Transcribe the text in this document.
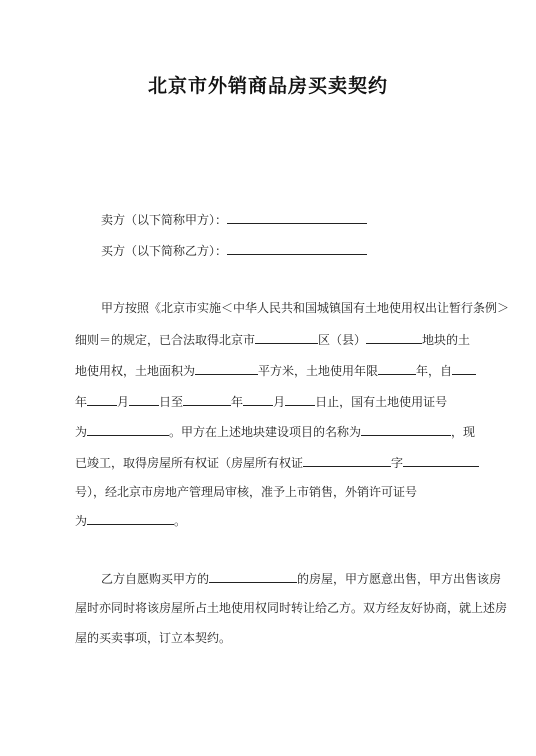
北京市外销商品房买卖契约
卖方（以下简称甲方）：
买方（以下简称乙方）：
甲方按照《北京市实施＜中华人民共和国城镇国有土地使用权出让暂行条例＞
细则＝的规定，已合法取得北京市	区（县）	地块的土
地使用权，土地面积为	平方米，土地使用年限	年，自
年	月	日至	年	月	日止，国有土地使用证号
为	。甲方在上述地块建设项目的名称为	，现
已竣工，取得房屋所有权证（房屋所有权证	字
号），经北京市房地产管理局审核，准予上市销售，外销许可证号
为	。
乙方自愿购买甲方的	的房屋，甲方愿意出售，甲方出售该房
屋时亦同时将该房屋所占土地使用权同时转让给乙方。双方经友好协商，就上述房
屋的买卖事项，订立本契约。
